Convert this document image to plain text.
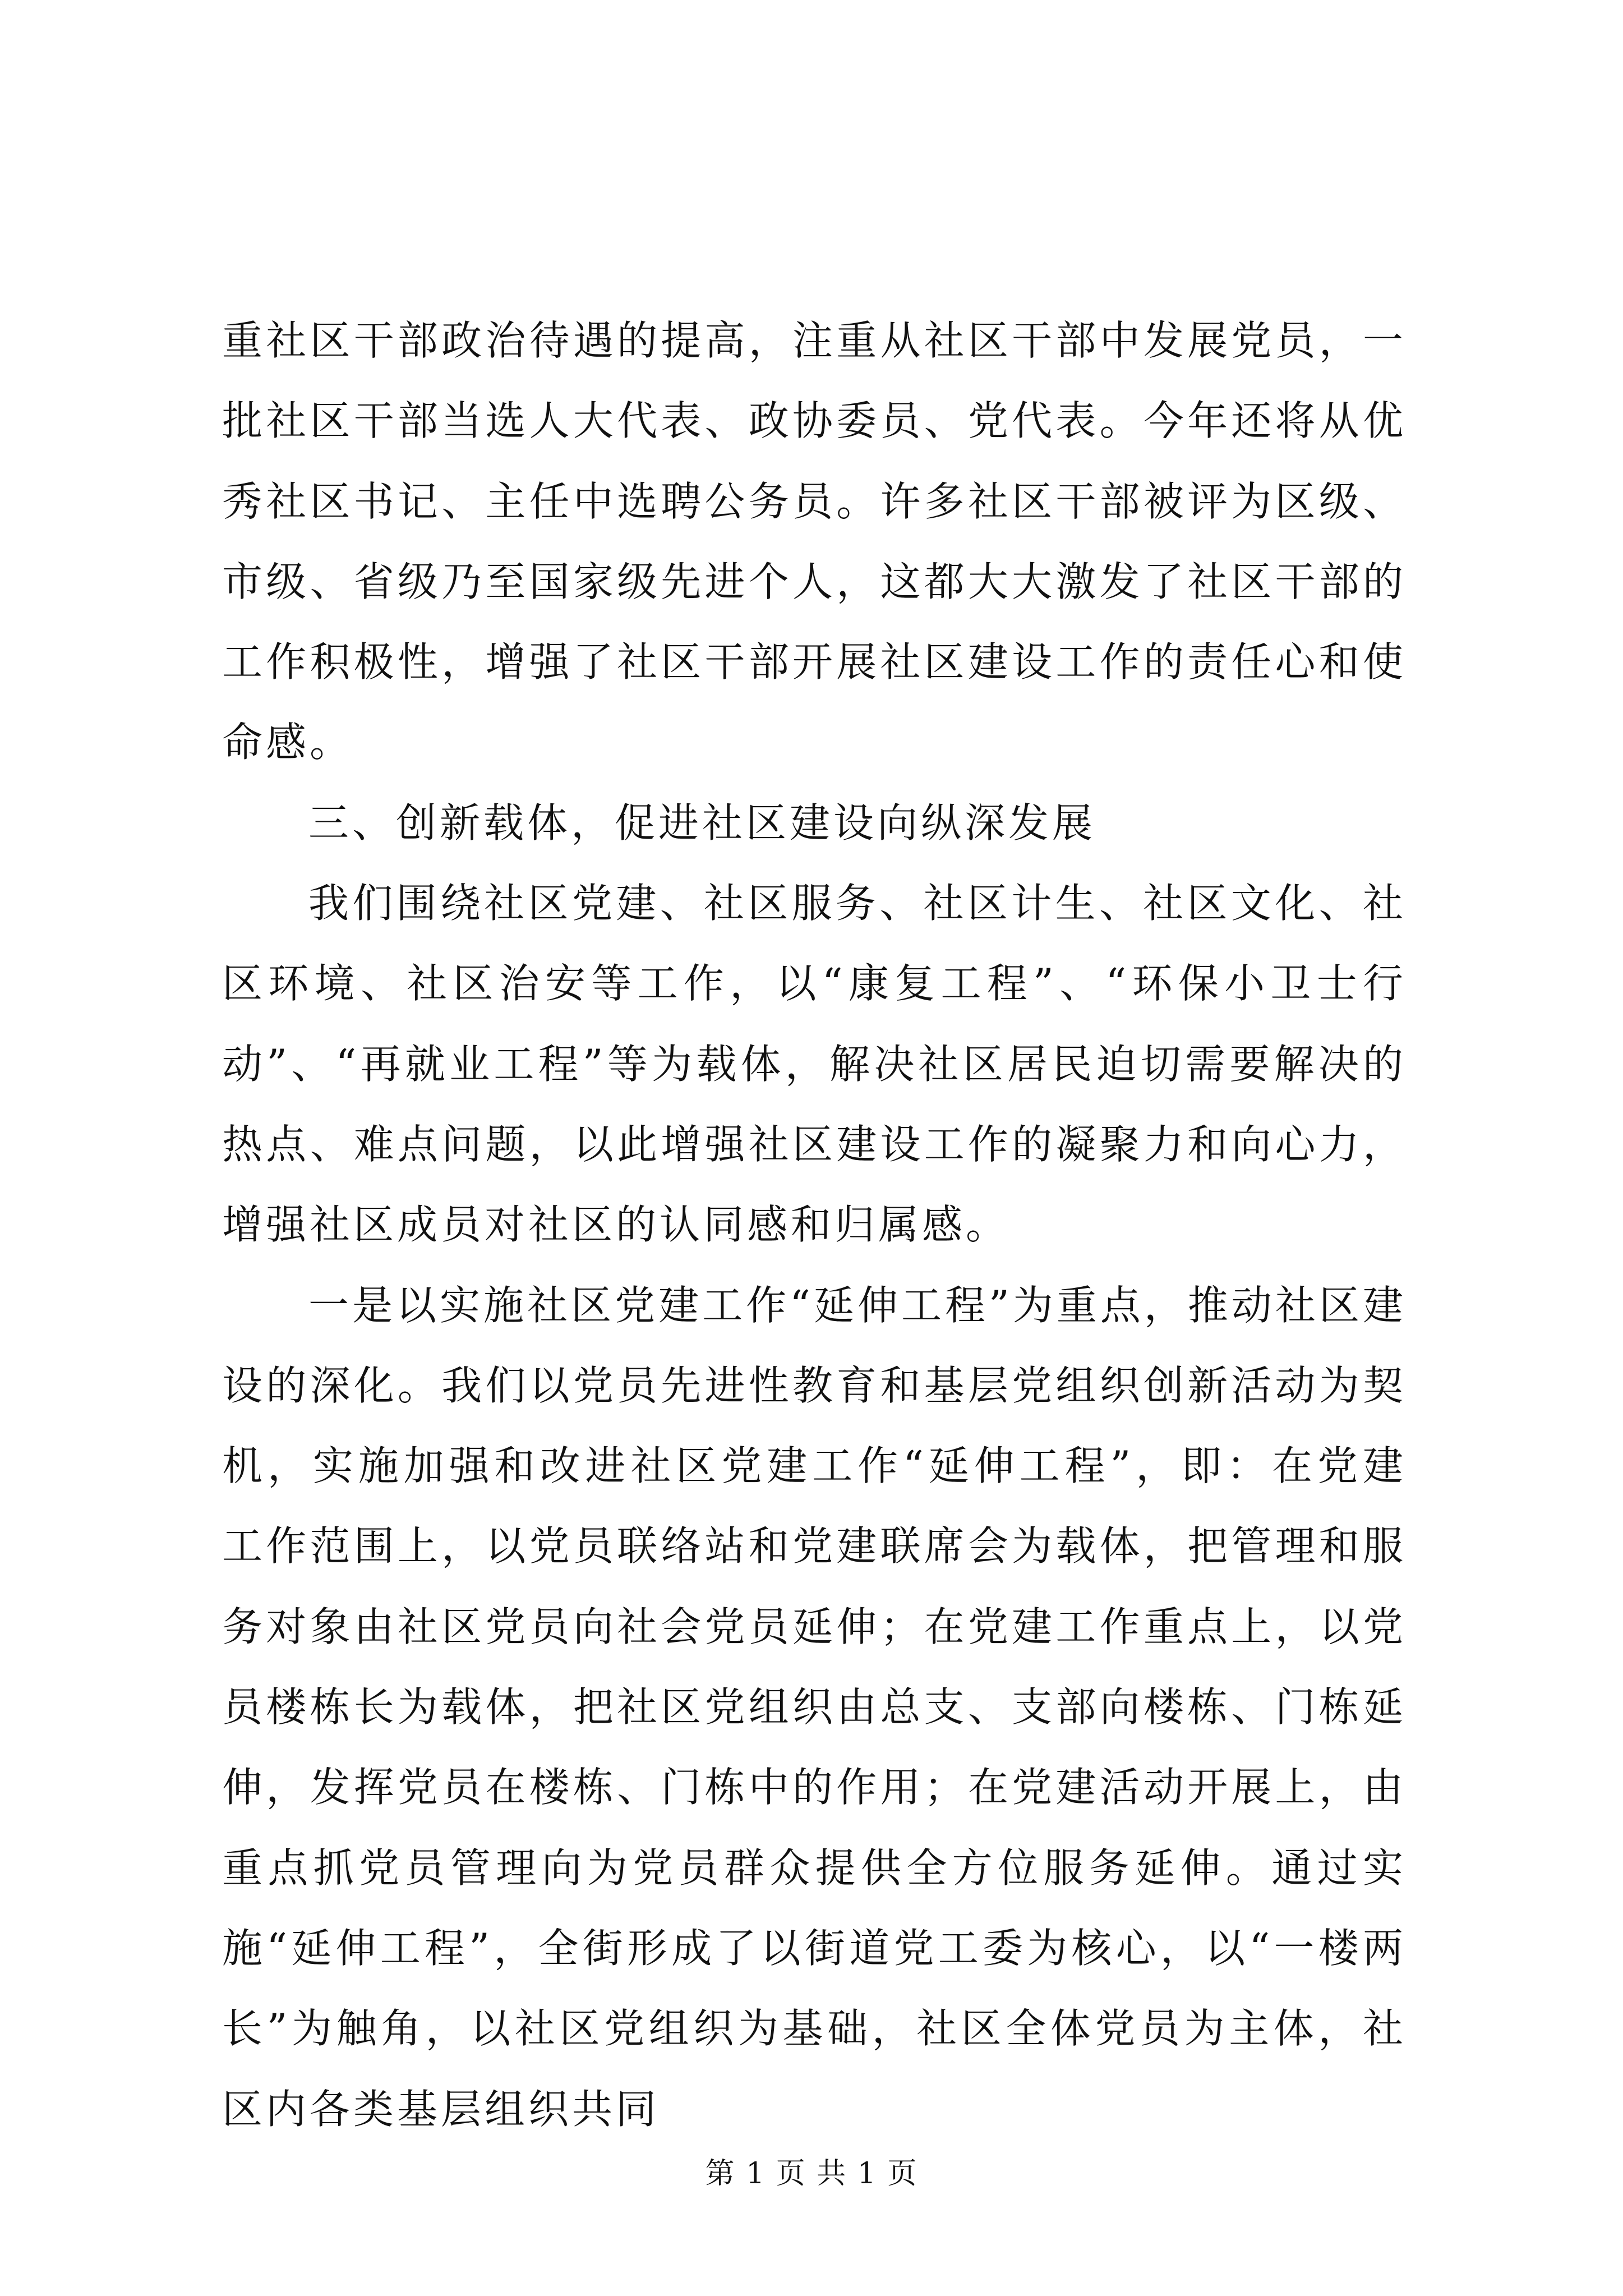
重社区干部政治待遇的提高，注重从社区干部中发展党员，一批社区干部当选人大代表、政协委员、党代表。今年还将从优秀社区书记、主任中选聘公务员。许多社区干部被评为区级、市级、省级乃至国家级先进个人，这都大大激发了社区干部的工作积极性，增强了社区干部开展社区建设工作的责任心和使命感。

三、创新载体，促进社区建设向纵深发展

我们围绕社区党建、社区服务、社区计生、社区文化、社区环境、社区治安等工作，以“康复工程”、“环保小卫士行动”、“再就业工程”等为载体，解决社区居民迫切需要解决的热点、难点问题，以此增强社区建设工作的凝聚力和向心力，增强社区成员对社区的认同感和归属感。

一是以实施社区党建工作“延伸工程”为重点，推动社区建设的深化。我们以党员先进性教育和基层党组织创新活动为契机，实施加强和改进社区党建工作“延伸工程”，即：在党建工作范围上，以党员联络站和党建联席会为载体，把管理和服务对象由社区党员向社会党员延伸；在党建工作重点上，以党员楼栋长为载体，把社区党组织由总支、支部向楼栋、门栋延伸，发挥党员在楼栋、门栋中的作用；在党建活动开展上，由重点抓党员管理向为党员群众提供全方位服务延伸。通过实施“延伸工程”，全街形成了以街道党工委为核心，以“一楼两长”为触角，以社区党组织为基础，社区全体党员为主体，社区内各类基层组织共同

第 1 页 共 1 页
